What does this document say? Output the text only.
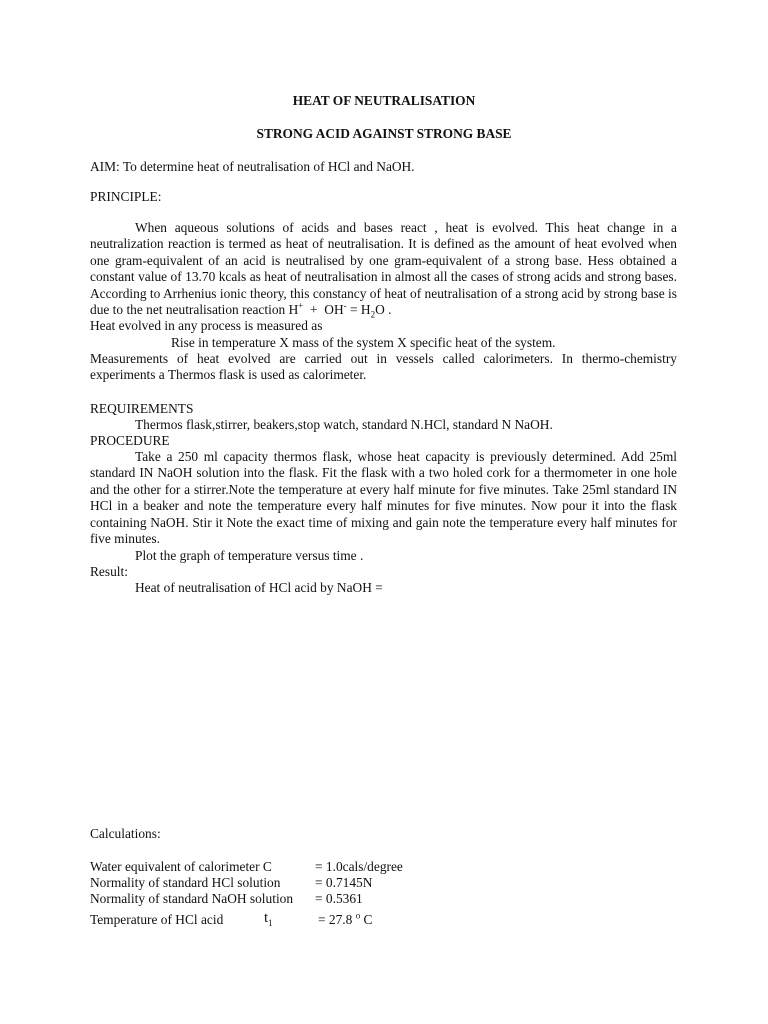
HEAT OF NEUTRALISATION
STRONG ACID AGAINST STRONG BASE
AIM: To determine heat of neutralisation of HCl and NaOH.
PRINCIPLE:
When aqueous solutions of acids and bases react , heat is evolved. This heat change in a neutralization reaction is termed as heat of neutralisation. It is defined as the amount of heat evolved when one gram-equivalent of an acid is neutralised by one gram-equivalent of a strong base. Hess obtained a constant value of 13.70 kcals as heat of neutralisation in almost all the cases of strong acids and strong bases. According to Arrhenius ionic theory, this constancy of heat of neutralisation of a strong acid by strong base is due to the net neutralisation reaction $H^+ + OH^- = H_2O$ .
Heat evolved in any process is measured as
Rise in temperature X mass of the system X specific heat of the system.
Measurements of heat evolved are carried out in vessels called calorimeters. In thermo-chemistry experiments a Thermos flask is used as calorimeter.
REQUIREMENTS
Thermos flask,stirrer, beakers,stop watch, standard N.HCl, standard N NaOH.
PROCEDURE
Take a 250 ml capacity thermos flask, whose heat capacity is previously determined. Add 25ml standard IN NaOH solution into the flask. Fit the flask with a two holed cork for a thermometer in one hole and the other for a stirrer.Note the temperature at every half minute for five minutes. Take 25ml standard IN HCl in a beaker and note the temperature every half minutes for five minutes. Now pour it into the flask containing NaOH. Stir it Note the exact time of mixing and gain note the temperature every half minutes for five minutes.
Plot the graph of temperature versus time .
Result:
Heat of neutralisation of HCl acid by NaOH =
Calculations:
Water equivalent of calorimeter C	= 1.0cals/degree
Normality of standard HCl solution	= 0.7145N
Normality of standard NaOH solution = 0.5361
Temperature of HCl acid	$t_1$	= 27.8 $^o$ C
